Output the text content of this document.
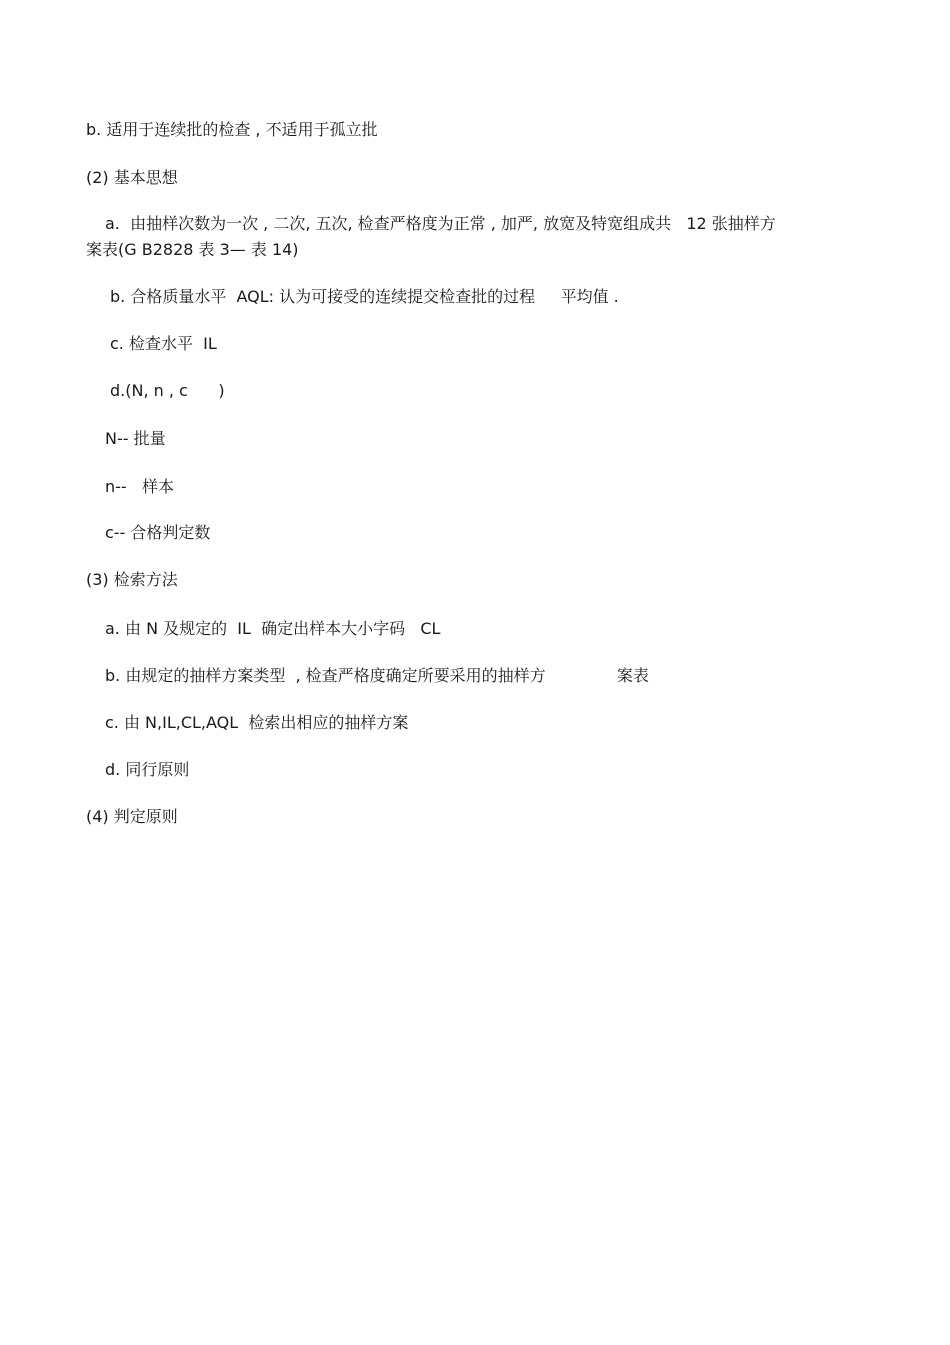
b. 适用于连续批的检查 , 不适用于孤立批
(2) 基本思想
a.  由抽样次数为一次 , 二次, 五次, 检查严格度为正常 , 加严, 放宽及特宽组成共   12 张抽样方
案表(G B2828 表 3— 表 14)
b. 合格质量水平  AQL: 认为可接受的连续提交检查批的过程     平均值 .
c. 检查水平  IL
d.(N, n , c      )
N-- 批量
n--   样本
c-- 合格判定数
(3) 检索方法
a. 由 N 及规定的  IL  确定出样本大小字码   CL
b. 由规定的抽样方案类型  , 检查严格度确定所要采用的抽样方              案表
c. 由 N,IL,CL,AQL  检索出相应的抽样方案
d. 同行原则
(4) 判定原则
